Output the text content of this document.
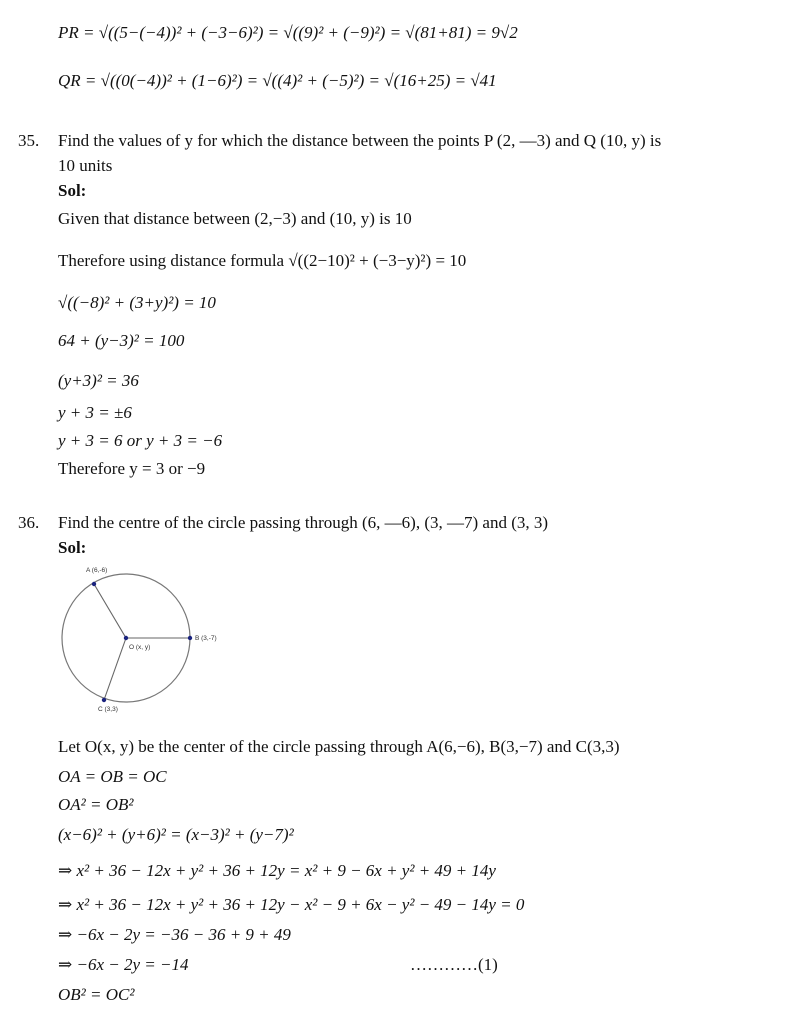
PR = √((5−(−4))² + (−3−6)²) = √((9)² + (−9)²) = √(81+81) = 9√2
QR = √((0(−4))² + (1−6)²) = √((4)² + (−5)²) = √(16+25) = √41
35. Find the values of y for which the distance between the points P (2, —3) and Q (10, y) is
10 units
Sol:
Given that distance between (2,−3) and (10, y) is 10
Therefore using distance formula √((2−10)² + (−3−y)²) = 10
√((−8)² + (3+y)²) = 10
64 + (y−3)² = 100
(y+3)² = 36
y + 3 = ±6
y + 3 = 6 or y + 3 = −6
Therefore y = 3 or −9
36. Find the centre of the circle passing through (6, —6), (3, —7) and (3, 3)
Sol:
A (6,-6)
B (3,-7)
C (3,3)
O (x, y)
Let O(x, y) be the center of the circle passing through A(6,−6), B(3,−7) and C(3,3)
OA = OB = OC
OA² = OB²
(x−6)² + (y+6)² = (x−3)² + (y−7)²
⇒ x² + 36 − 12x + y² + 36 + 12y = x² + 9 − 6x + y² + 49 + 14y
⇒ x² + 36 − 12x + y² + 36 + 12y − x² − 9 + 6x − y² − 49 − 14y = 0
⇒ −6x − 2y = −36 − 36 + 9 + 49
⇒ −6x − 2y = −14	…………(1)
OB² = OC²
